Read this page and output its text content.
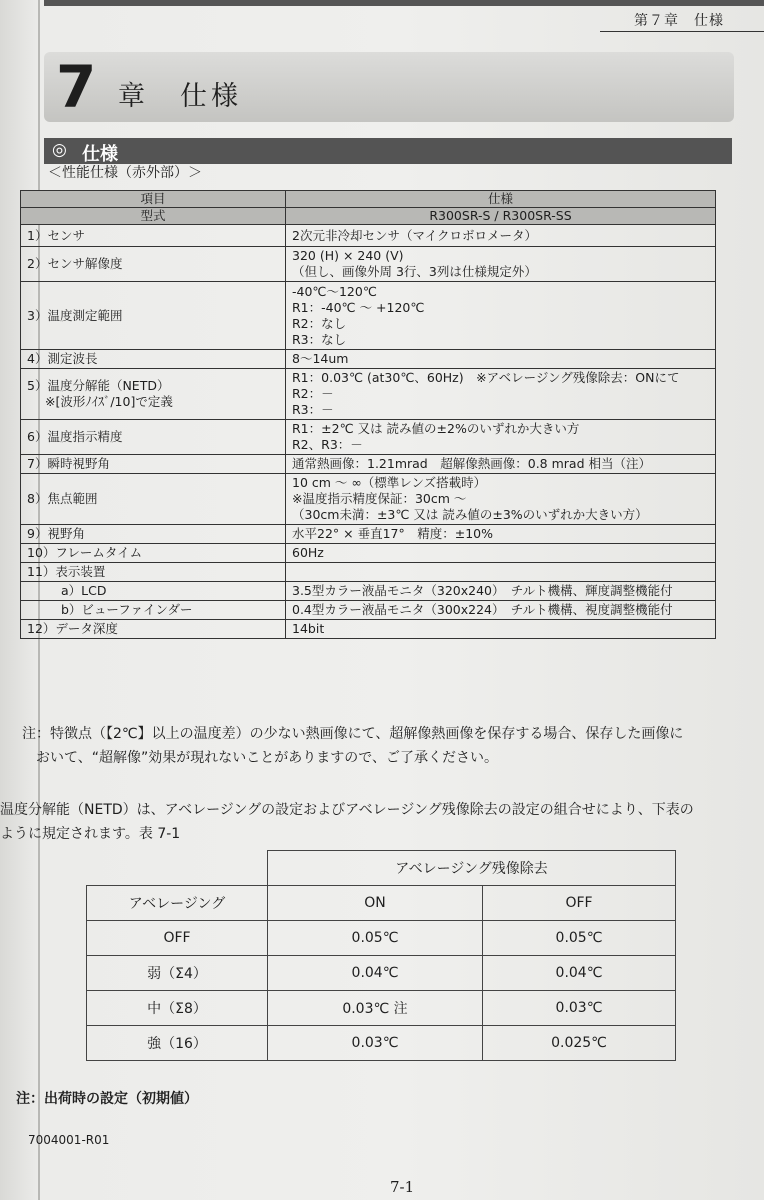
第７章　仕様
7 章　仕様
◎ 仕様
＜性能仕様（赤外部）＞
項目	仕様
型式	R300SR-S / R300SR-SS

1）センサ	2次元非冷却センサ（マイクロボロメータ）

2）センサ解像度	320 (H) × 240 (V)
（但し、画像外周 3行、3列は仕様規定外）

3）温度測定範囲	-40℃～120℃
R1：-40℃ ～ +120℃
R2：なし
R3：なし

4）測定波長	8～14um

5）温度分解能（NETD）
※[波形ﾉｲｽﾞ/10]で定義	R1：0.03℃ (at30℃、60Hz)　※アベレージング残像除去：ONにて
R2：－
R3：－

6）温度指示精度	R1：±2℃ 又は 読み値の±2%のいずれか大きい方
R2、R3：－

7）瞬時視野角	通常熱画像：1.21mrad　超解像熱画像：0.8 mrad 相当（注）

8）焦点範囲	10 cm ～ ∞（標準レンズ搭載時）
※温度指示精度保証：30cm ～
（30cm未満：±3℃ 又は 読み値の±3%のいずれか大きい方）

9）視野角	水平22° × 垂直17°　精度：±10%

10）フレームタイム	60Hz

11）表示装置	

a）LCD	3.5型カラー液晶モニタ（320x240）　チルト機構、輝度調整機能付

b）ビューファインダー	0.4型カラー液晶モニタ（300x224）　チルト機構、視度調整機能付

12）データ深度	14bit
注：特徴点（【2℃】以上の温度差）の少ない熱画像にて、超解像熱画像を保存する場合、保存した画像に
　おいて、“超解像”効果が現れないことがありますので、ご了承ください。
温度分解能（NETD）は、アベレージングの設定およびアベレージング残像除去の設定の組合せにより、下表の
ように規定されます。表 7-1
	アベレージング残像除去	
アベレージング	ON	OFF
OFF	0.05℃	0.05℃
弱（Σ4）	0.04℃	0.04℃
中（Σ8）	0.03℃ 注	0.03℃
強（16）	0.03℃	0.025℃
注：出荷時の設定（初期値）
7004001-R01
7-1
